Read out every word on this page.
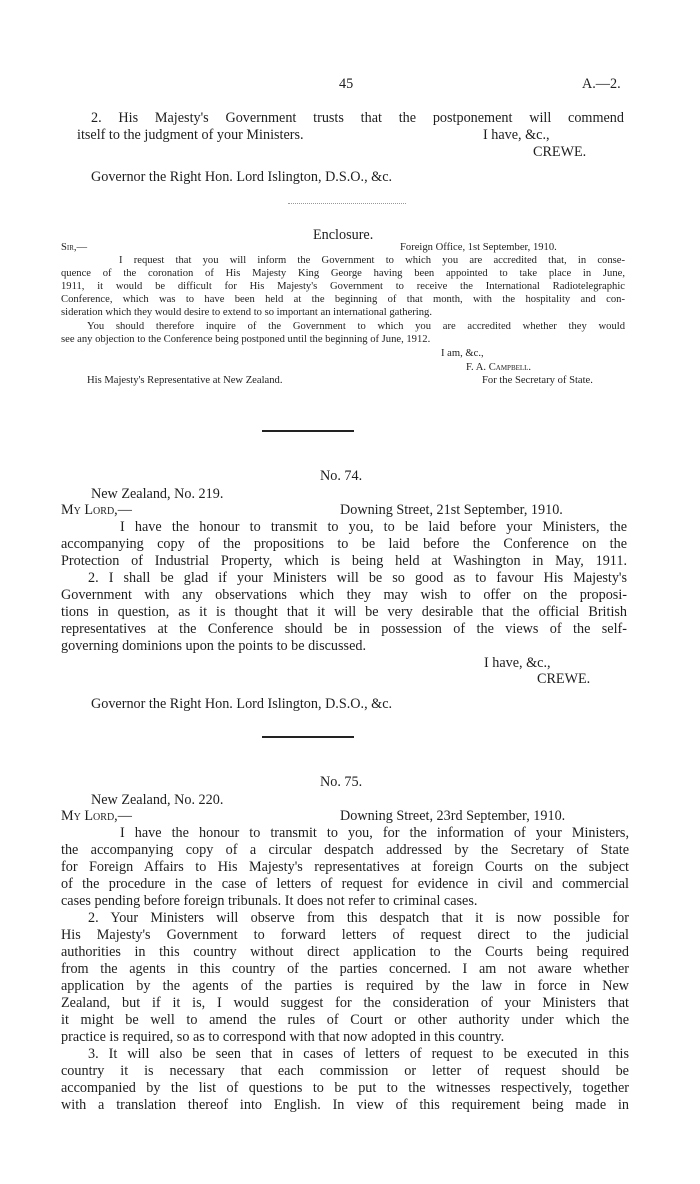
45	A.—2.
2. His Majesty's Government trusts that the postponement will commend
itself to the judgment of your Ministers.	I have, &c.,
CREWE.
Governor the Right Hon. Lord Islington, D.S.O., &c.
Enclosure.
Sir,—	Foreign Office, 1st September, 1910.
I request that you will inform the Government to which you are accredited that, in conse-
quence of the coronation of His Majesty King George having been appointed to take place in June,
1911, it would be difficult for His Majesty's Government to receive the International Radiotelegraphic
Conference, which was to have been held at the beginning of that month, with the hospitality and con-
sideration which they would desire to extend to so important an international gathering.
You should therefore inquire of the Government to which you are accredited whether they would
see any objection to the Conference being postponed until the beginning of June, 1912.
I am, &c.,
F. A. Campbell.
His Majesty's Representative at New Zealand.	For the Secretary of State.
No. 74.
New Zealand, No. 219.
My Lord,—	Downing Street, 21st September, 1910.
I have the honour to transmit to you, to be laid before your Ministers, the
accompanying copy of the propositions to be laid before the Conference on the
Protection of Industrial Property, which is being held at Washington in May, 1911.
2. I shall be glad if your Ministers will be so good as to favour His Majesty's
Government with any observations which they may wish to offer on the proposi-
tions in question, as it is thought that it will be very desirable that the official British
representatives at the Conference should be in possession of the views of the self-
governing dominions upon the points to be discussed.
I have, &c.,
CREWE.
Governor the Right Hon. Lord Islington, D.S.O., &c.
No. 75.
New Zealand, No. 220.
My Lord,—	Downing Street, 23rd September, 1910.
I have the honour to transmit to you, for the information of your Ministers,
the accompanying copy of a circular despatch addressed by the Secretary of State
for Foreign Affairs to His Majesty's representatives at foreign Courts on the subject
of the procedure in the case of letters of request for evidence in civil and commercial
cases pending before foreign tribunals. It does not refer to criminal cases.
2. Your Ministers will observe from this despatch that it is now possible for
His Majesty's Government to forward letters of request direct to the judicial
authorities in this country without direct application to the Courts being required
from the agents in this country of the parties concerned. I am not aware whether
application by the agents of the parties is required by the law in force in New
Zealand, but if it is, I would suggest for the consideration of your Ministers that
it might be well to amend the rules of Court or other authority under which the
practice is required, so as to correspond with that now adopted in this country.
3. It will also be seen that in cases of letters of request to be executed in this
country it is necessary that each commission or letter of request should be
accompanied by the list of questions to be put to the witnesses respectively, together
with a translation thereof into English. In view of this requirement being made in
